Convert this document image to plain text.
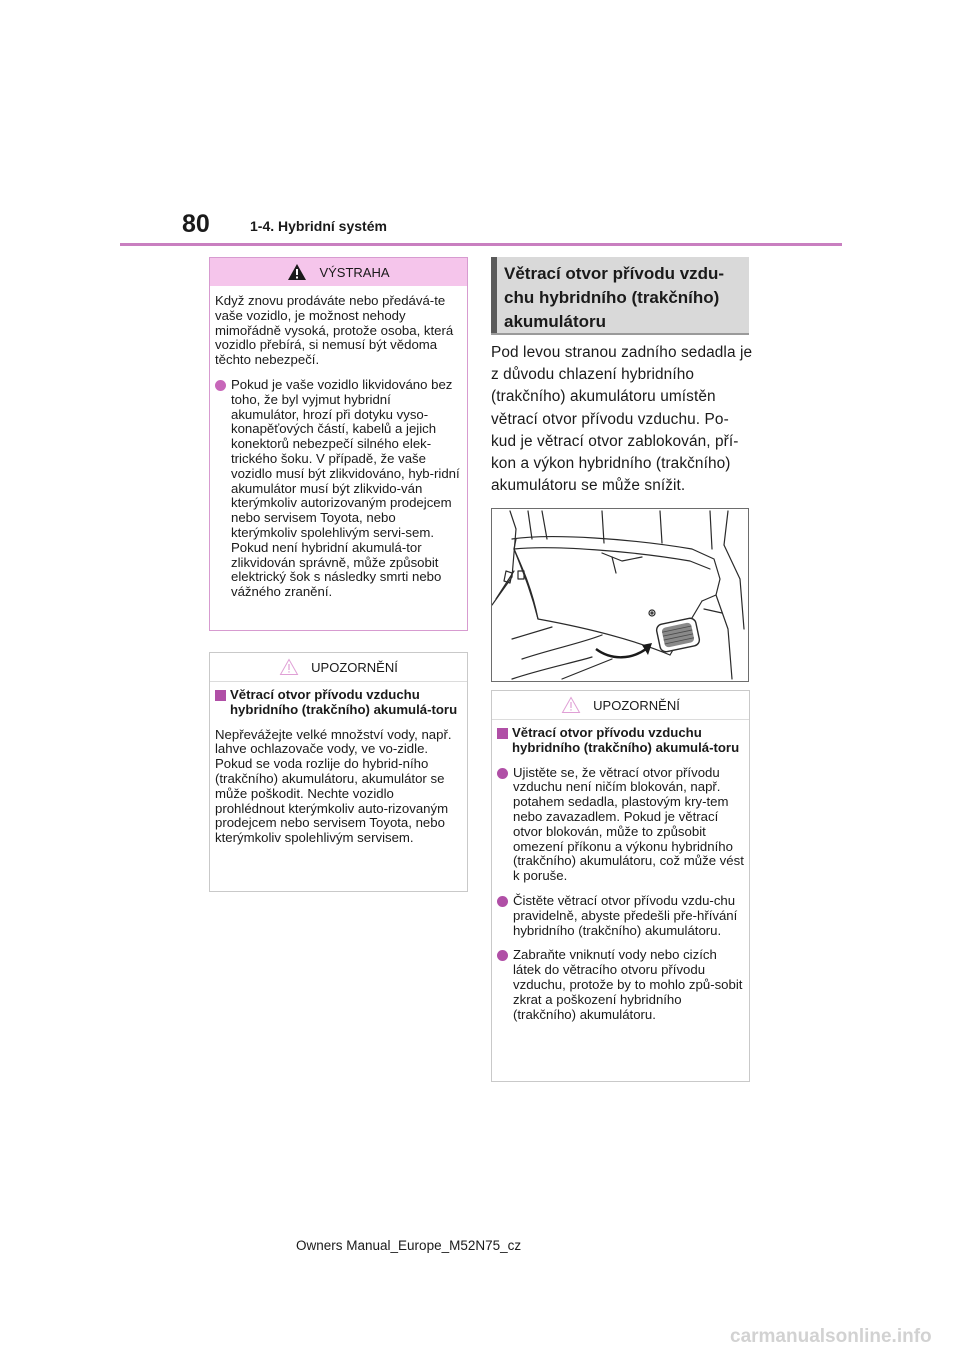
80	1-4. Hybridní systém
VÝSTRAHA

Když znovu prodáváte nebo předává-te vaše vozidlo, je možnost nehody mimořádně vysoká, protože osoba, která vozidlo přebírá, si nemusí být vědoma těchto nebezpečí.

Pokud je vaše vozidlo likvidováno bez toho, že byl vyjmut hybridní akumulátor, hrozí při dotyku vyso-konapěťových částí, kabelů a jejich konektorů nebezpečí silného elek-trického šoku. V případě, že vaše vozidlo musí být zlikvidováno, hyb-ridní akumulátor musí být zlikvido-ván kterýmkoliv autorizovaným prodejcem nebo servisem Toyota, nebo kterýmkoliv spolehlivým servi-sem. Pokud není hybridní akumulá-tor zlikvidován správně, může způsobit elektrický šok s následky smrti nebo vážného zranění.
UPOZORNĚNÍ
Větrací otvor přívodu vzduchu hybridního (trakčního) akumulá-toru

Nepřevážejte velké množství vody, např. lahve ochlazovače vody, ve vo-zidle. Pokud se voda rozlije do hybrid-ního (trakčního) akumulátoru, akumulátor se může poškodit. Nechte vozidlo prohlédnout kterýmkoliv auto-rizovaným prodejcem nebo servisem Toyota, nebo kterýmkoliv spolehlivým servisem.

Větrací otvor přívodu vzdu-
chu hybridního (trakčního)
akumulátoru
Pod levou stranou zadního sedadla je z důvodu chlazení hybridního (trakčního) akumulátoru umístěn větrací otvor přívodu vzduchu. Po-kud je větrací otvor zablokován, pří-kon a výkon hybridního (trakčního) akumulátoru se může snížit.
UPOZORNĚNÍ
Větrací otvor přívodu vzduchu hybridního (trakčního) akumulá-toru
Ujistěte se, že větrací otvor přívodu vzduchu není ničím blokován, např. potahem sedadla, plastovým kry-tem nebo zavazadlem. Pokud je větrací otvor blokován, může to způsobit omezení příkonu a výkonu hybridního (trakčního) akumulátoru, což může vést k poruše.
Čistěte větrací otvor přívodu vzdu-chu pravidelně, abyste předešli pře-hřívání hybridního (trakčního) akumulátoru.
Zabraňte vniknutí vody nebo cizích látek do větracího otvoru přívodu vzduchu, protože by to mohlo způ-sobit zkrat a poškození hybridního (trakčního) akumulátoru.
Owners Manual_Europe_M52N75_cz
carmanualsonline.info
